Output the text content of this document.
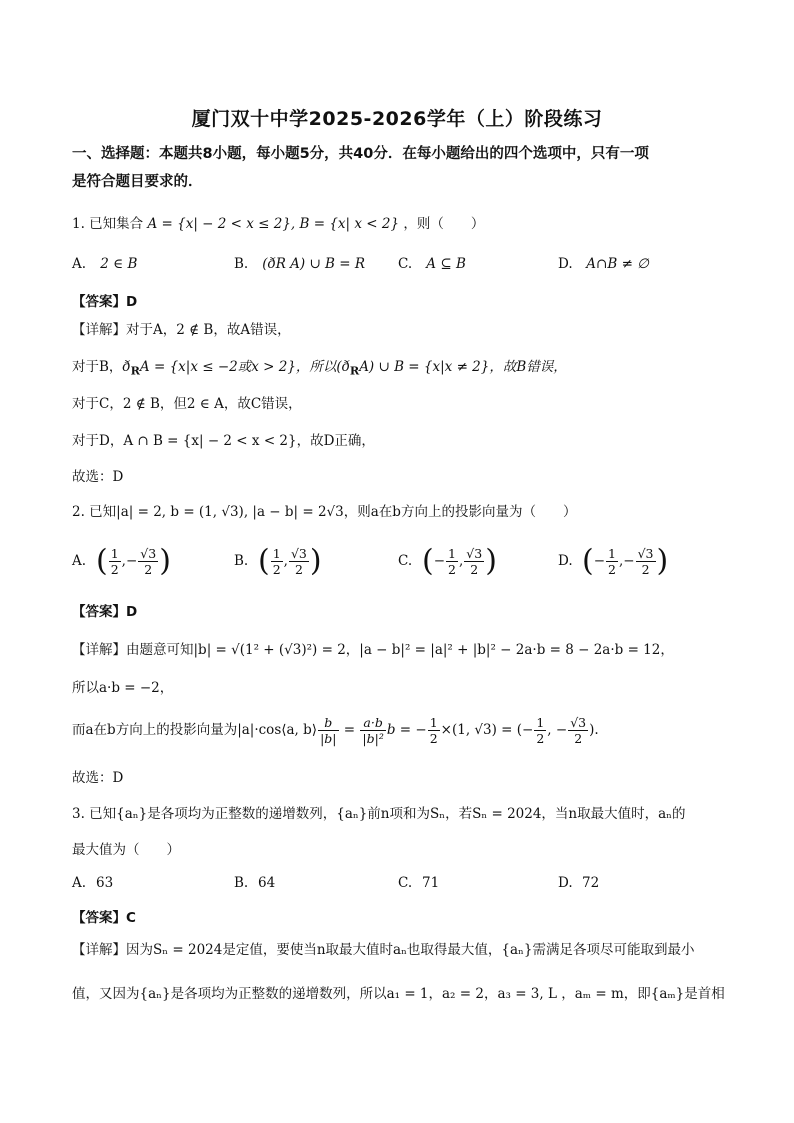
厦门双十中学2025-2026学年（上）阶段练习
一、选择题：本题共8小题，每小题5分，共40分．在每小题给出的四个选项中，只有一项
是符合题目要求的．
1. 已知集合 A = {x| − 2 < x ≤ 2}, B = {x| x < 2} ，则（　　）
A. 2 ∈ B	B. (ðR A) ∪ B = R C. A ⊆ B	D. A∩B ≠ ∅
【答案】D
【详解】对于A，2 ∉ B，故A错误，
对于B，$ð_RA = \{x|x \le -2$或x > 2}，所以$(ð_RA)$ ∪ B = {x|x ≠ 2}，故B错误，
对于C，2 ∉ B，但2 ∈ A，故C错误，
对于D，A ∩ B = {x| − 2 < x < 2}，故D正确，
故选：D
2. 已知|a| = 2, b = (1, √3), |a − b| = 2√3，则a在b方向上的投影向量为（　　）
A. ( $\frac{1}{2}$ ,− $\frac{√3}{2}$ )	B. ( $\frac{1}{2}$ , $\frac{√3}{2}$ )	C. (− $\frac{1}{2}$ , $\frac{√3}{2}$ )	D. (− $\frac{1}{2}$ ,− $\frac{√3}{2}$ )
【答案】D
【详解】由题意可知|b| = √(1² + (√3)²) = 2，|a − b|² = |a|² + |b|² − 2a·b = 8 − 2a·b = 12，
所以a·b = −2，
而a在b方向上的投影向量为|a|·cos⟨a, b⟩ $\frac{b}{|b|} = \frac{a\cdot b}{\text{|b|²}}$ b = − $\frac{1}{2} \times(1$, √3) = (− $\frac{1}{2}$ , − $\frac{√3}{2}$ ).
故选：D
3. 已知{aₙ}是各项均为正整数的递增数列，{aₙ}前n项和为Sₙ，若Sₙ = 2024，当n取最大值时，aₙ的
最大值为（　　）
A. 63	B. 64	C. 71	D. 72
【答案】C
【详解】因为Sₙ = 2024是定值，要使当n取最大值时aₙ也取得最大值，{aₙ}需满足各项尽可能取到最小
值，又因为{aₙ}是各项均为正整数的递增数列，所以a₁ = 1，a₂ = 2，a₃ = 3, L ，aₘ = m，即{aₘ}是首相
